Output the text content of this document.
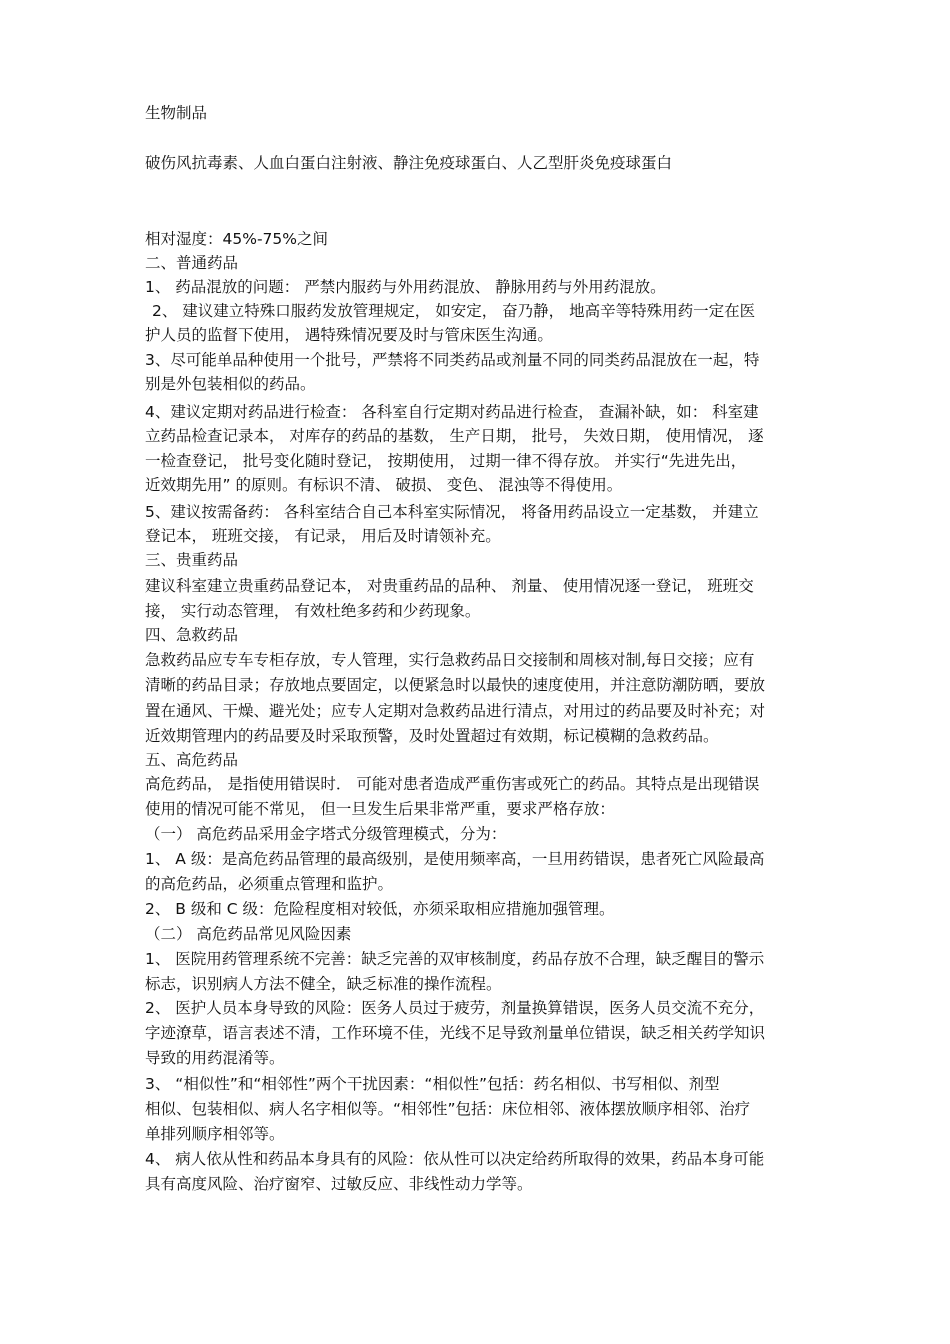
生物制品
破伤风抗毒素、人血白蛋白注射液、静注免疫球蛋白、人乙型肝炎免疫球蛋白
相对湿度：45%-75%之间
二、普通药品
1、 药品混放的问题： 严禁内服药与外用药混放、 静脉用药与外用药混放。
2、 建议建立特殊口服药发放管理规定， 如安定， 奋乃静， 地高辛等特殊用药一定在医
护人员的监督下使用， 遇特殊情况要及时与管床医生沟通。
3、尽可能单品种使用一个批号，严禁将不同类药品或剂量不同的同类药品混放在一起，特
别是外包装相似的药品。
4、建议定期对药品进行检查： 各科室自行定期对药品进行检查， 查漏补缺，如： 科室建
立药品检查记录本， 对库存的药品的基数， 生产日期， 批号， 失效日期， 使用情况， 逐
一检查登记， 批号变化随时登记， 按期使用， 过期一律不得存放。 并实行“先进先出，
近效期先用” 的原则。有标识不清、 破损、 变色、 混浊等不得使用。
5、建议按需备药： 各科室结合自己本科室实际情况， 将备用药品设立一定基数， 并建立
登记本， 班班交接， 有记录， 用后及时请领补充。
三、贵重药品
建议科室建立贵重药品登记本， 对贵重药品的品种、 剂量、 使用情况逐一登记， 班班交
接， 实行动态管理， 有效杜绝多药和少药现象。
四、急救药品
急救药品应专车专柜存放，专人管理，实行急救药品日交接制和周核对制,每日交接；应有
清晰的药品目录；存放地点要固定，以便紧急时以最快的速度使用，并注意防潮防晒，要放
置在通风、干燥、避光处；应专人定期对急救药品进行清点，对用过的药品要及时补充；对
近效期管理内的药品要及时采取预警，及时处置超过有效期，标记模糊的急救药品。
五、高危药品
高危药品， 是指使用错误时． 可能对患者造成严重伤害或死亡的药品。其特点是出现错误
使用的情况可能不常见， 但一旦发生后果非常严重，要求严格存放：
（一） 高危药品采用金字塔式分级管理模式，分为：
1、 A 级：是高危药品管理的最高级别，是使用频率高，一旦用药错误，患者死亡风险最高
的高危药品，必须重点管理和监护。
2、 B 级和 C 级：危险程度相对较低，亦须采取相应措施加强管理。
（二） 高危药品常见风险因素
1、 医院用药管理系统不完善：缺乏完善的双审核制度，药品存放不合理，缺乏醒目的警示
标志，识别病人方法不健全，缺乏标准的操作流程。
2、 医护人员本身导致的风险：医务人员过于疲劳，剂量换算错误，医务人员交流不充分，
字迹潦草，语言表述不清，工作环境不佳，光线不足导致剂量单位错误，缺乏相关药学知识
导致的用药混淆等。
3、 “相似性”和“相邻性”两个干扰因素：“相似性”包括：药名相似、书写相似、剂型
相似、包装相似、病人名字相似等。“相邻性”包括：床位相邻、液体摆放顺序相邻、治疗
单排列顺序相邻等。
4、 病人依从性和药品本身具有的风险：依从性可以决定给药所取得的效果，药品本身可能
具有高度风险、治疗窗窄、过敏反应、非线性动力学等。
